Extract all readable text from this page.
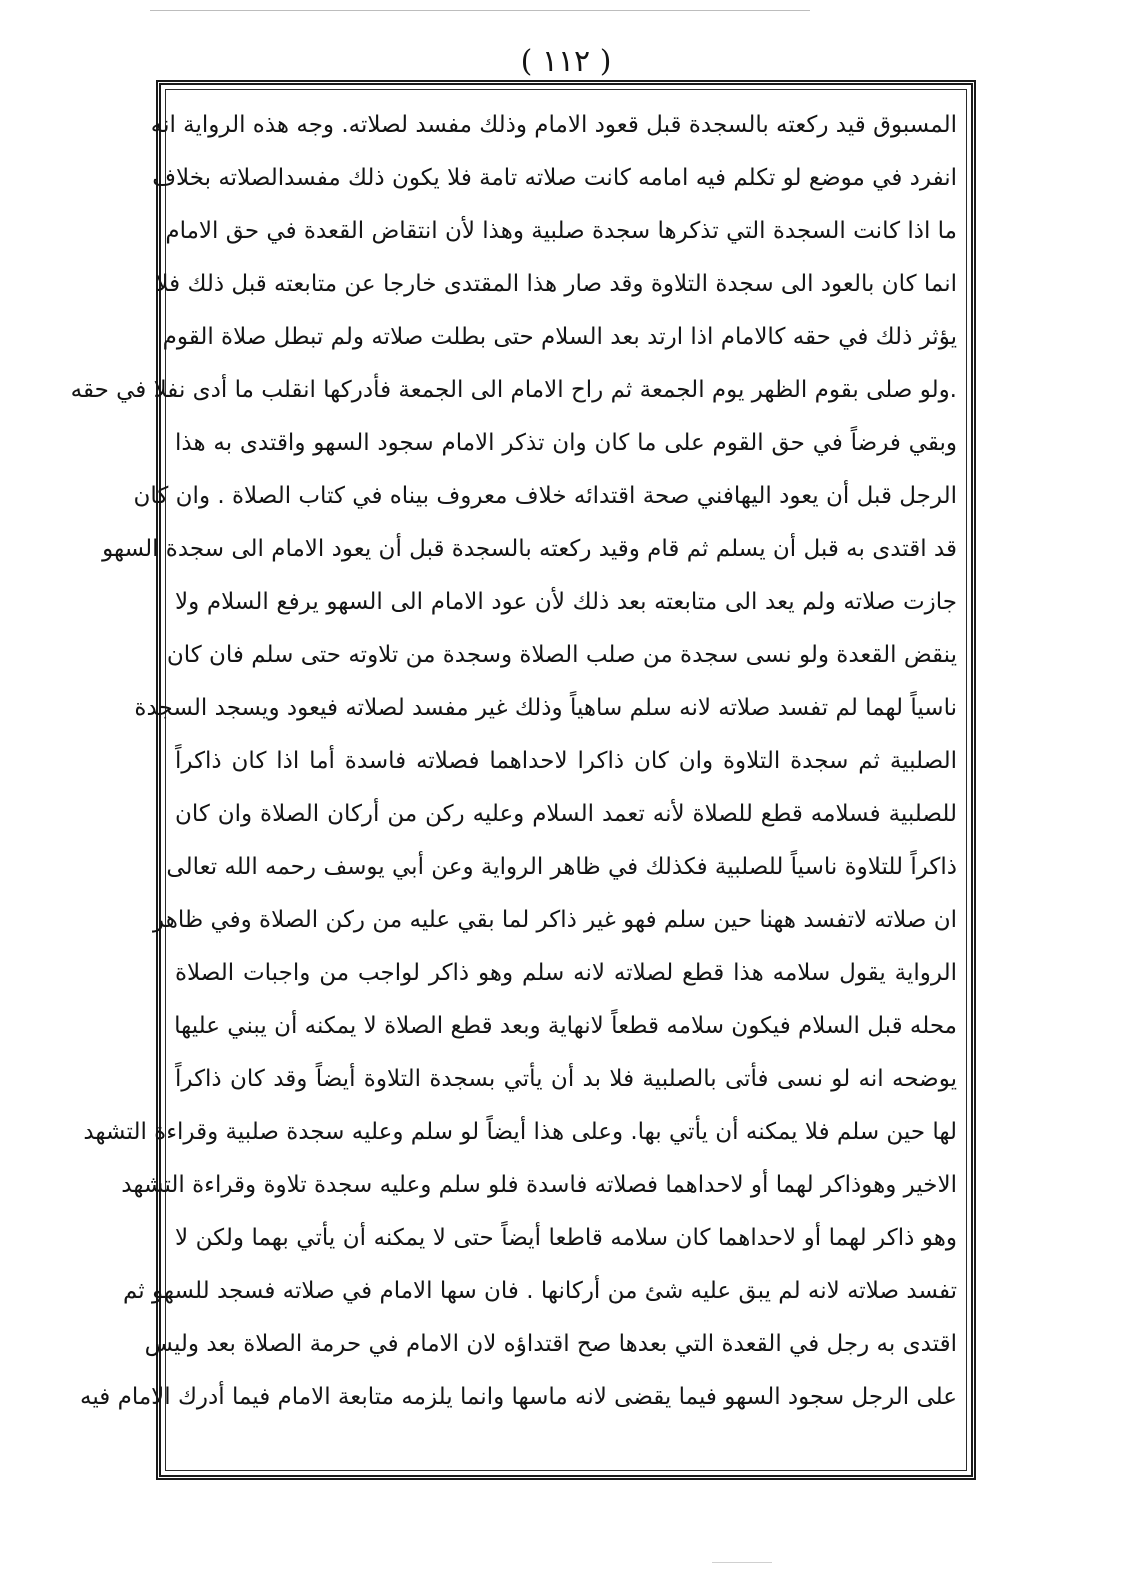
( ١١٢ )
المسبوق قيد ركعته بالسجدة قبل قعود الامام وذلك مفسد لصلاته. وجه هذه الرواية انه
انفرد في موضع لو تكلم فيه امامه كانت صلاته تامة فلا يكون ذلك مفسدالصلاته بخلاف
ما اذا كانت السجدة التي تذكرها سجدة صلبية وهذا لأن انتقاض القعدة في حق الامام
انما كان بالعود الى سجدة التلاوة وقد صار هذا المقتدى خارجا عن متابعته قبل ذلك فلا
يؤثر ذلك في حقه كالامام اذا ارتد بعد السلام حتى بطلت صلاته ولم تبطل صلاة القوم
.ولو صلى بقوم الظهر يوم الجمعة ثم راح الامام الى الجمعة فأدركها انقلب ما أدى نفلا في حقه
وبقي فرضاً في حق القوم على ما كان وان تذكر الامام سجود السهو واقتدى به هذا
الرجل قبل أن يعود اليهافني صحة اقتدائه خلاف معروف بيناه في كتاب الصلاة . وان كان
قد اقتدى به قبل أن يسلم ثم قام وقيد ركعته بالسجدة قبل أن يعود الامام الى سجدة السهو
جازت صلاته ولم يعد الى متابعته بعد ذلك لأن عود الامام الى السهو يرفع السلام ولا
ينقض القعدة ولو نسى سجدة من صلب الصلاة وسجدة من تلاوته حتى سلم فان كان
ناسياً لهما لم تفسد صلاته لانه سلم ساهياً وذلك غير مفسد لصلاته فيعود ويسجد السجدة
الصلبية ثم سجدة التلاوة وان كان ذاكرا لاحداهما فصلاته فاسدة أما اذا كان ذاكراً
للصلبية فسلامه قطع للصلاة لأنه تعمد السلام وعليه ركن من أركان الصلاة وان كان
ذاكراً للتلاوة ناسياً للصلبية فكذلك في ظاهر الرواية وعن أبي يوسف رحمه الله تعالى
ان صلاته لاتفسد ههنا حين سلم فهو غير ذاكر لما بقي عليه من ركن الصلاة وفي ظاهر
الرواية يقول سلامه هذا قطع لصلاته لانه سلم وهو ذاكر لواجب من واجبات الصلاة
محله قبل السلام فيكون سلامه قطعاً لانهاية وبعد قطع الصلاة لا يمكنه أن يبني عليها
يوضحه انه لو نسى فأتى بالصلبية فلا بد أن يأتي بسجدة التلاوة أيضاً وقد كان ذاكراً
لها حين سلم فلا يمكنه أن يأتي بها. وعلى هذا أيضاً لو سلم وعليه سجدة صلبية وقراءة التشهد
الاخير وهوذاكر لهما أو لاحداهما فصلاته فاسدة فلو سلم وعليه سجدة تلاوة وقراءة التشهد
وهو ذاكر لهما أو لاحداهما كان سلامه قاطعا أيضاً حتى لا يمكنه أن يأتي بهما ولكن لا
تفسد صلاته لانه لم يبق عليه شئ من أركانها . فان سها الامام في صلاته فسجد للسهو ثم
اقتدى به رجل في القعدة التي بعدها صح اقتداؤه لان الامام في حرمة الصلاة بعد وليس
على الرجل سجود السهو فيما يقضى لانه ماسها وانما يلزمه متابعة الامام فيما أدرك الامام فيه
